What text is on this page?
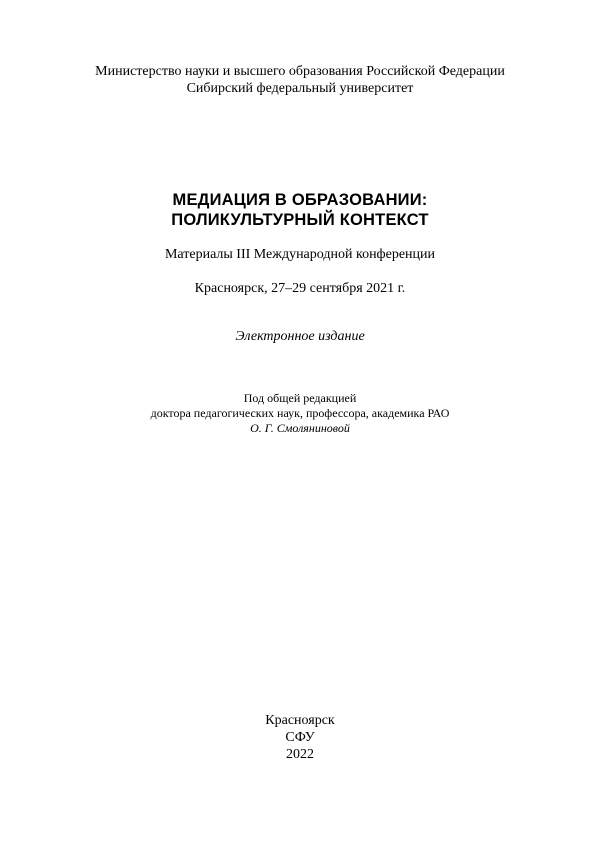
Министерство науки и высшего образования Российской Федерации
Сибирский федеральный университет
МЕДИАЦИЯ В ОБРАЗОВАНИИ:
ПОЛИКУЛЬТУРНЫЙ КОНТЕКСТ
Материалы III Международной конференции
Красноярск, 27–29 сентября 2021 г.
Электронное издание
Под общей редакцией
доктора педагогических наук, профессора, академика РАО
О. Г. Смоляниновой
Красноярск
СФУ
2022
